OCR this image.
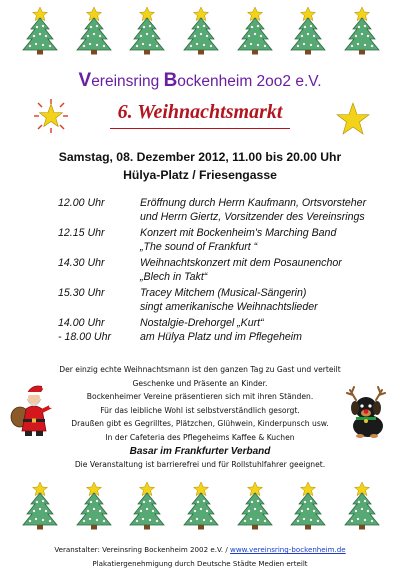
Vereinsring Bockenheim 2oo2 e.V.
6. Weihnachtsmarkt
Samstag, 08. Dezember 2012, 11.00 bis 20.00 Uhr
Hülya-Platz / Friesengasse
12.00 Uhr	Eröffnung durch Herrn Kaufmann, Ortsvorsteher
und Herrn Giertz, Vorsitzender des Vereinsrings
12.15 Uhr	Konzert mit Bockenheim's Marching Band
„The sound of Frankfurt “
14.30 Uhr	Weihnachtskonzert mit dem Posaunenchor
„Blech in Takt“
15.30 Uhr	Tracey Mitchem (Musical-Sängerin)
singt amerikanische Weihnachtslieder
14.00 Uhr	Nostalgie-Drehorgel „Kurt“
- 18.00 Uhr	am Hülya Platz und im Pflegeheim
Der einzig echte Weihnachtsmann ist den ganzen Tag zu Gast und verteilt
Geschenke und Präsente an Kinder.
Bockenheimer Vereine präsentieren sich mit ihren Ständen.
Für das leibliche Wohl ist selbstverständlich gesorgt.
Draußen gibt es Gegrilltes, Plätzchen, Glühwein, Kinderpunsch usw.
In der Cafeteria des Pflegeheims Kaffee & Kuchen
Basar im Frankfurter Verband
Die Veranstaltung ist barrierefrei und für Rollstuhlfahrer geeignet.
Veranstalter: Vereinsring Bockenheim 2002 e.V. / www.vereinsring-bockenheim.de
Plakatiergenehmigung durch Deutsche Städte Medien erteilt
